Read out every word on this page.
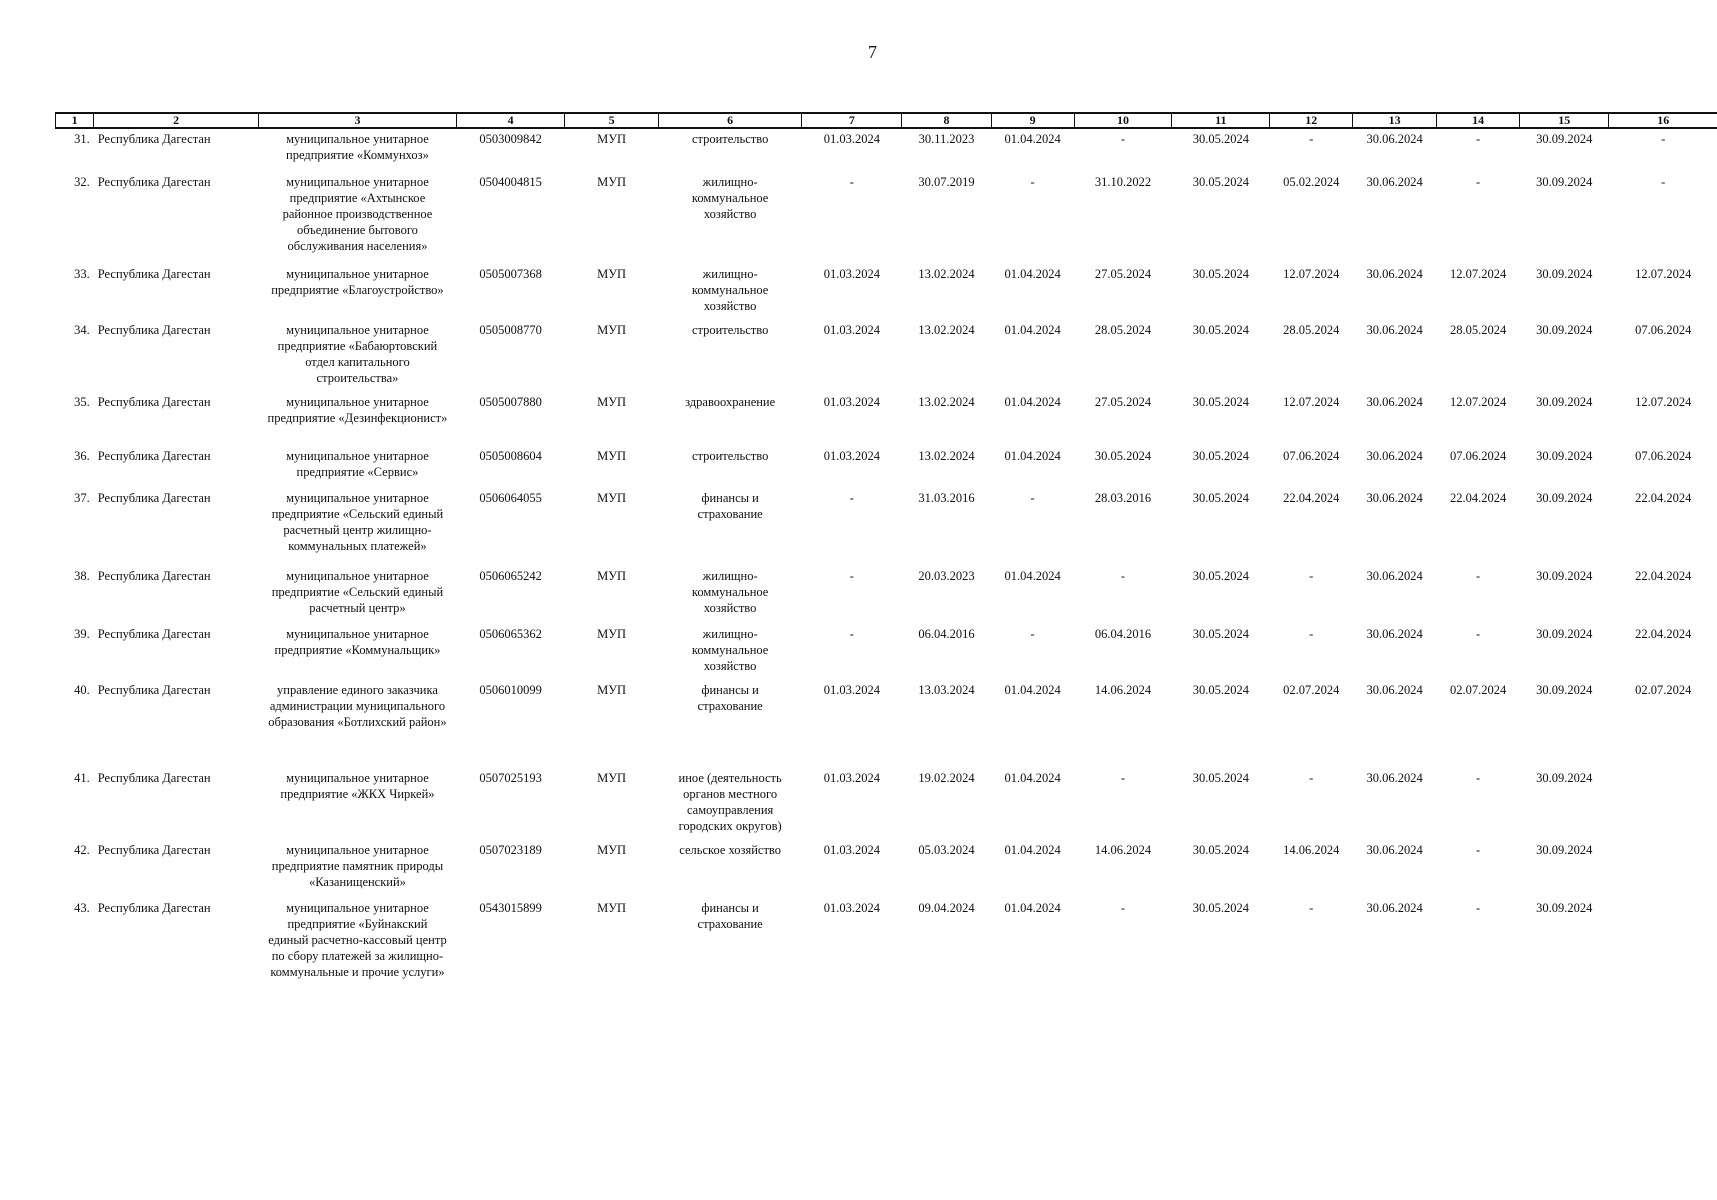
7
1	2	3	4	5	6	7	8	9	10	11	12	13	14	15	16
31.	Республика Дагестан	муниципальное унитарное
предприятие «Коммунхоз»	0503009842	МУП	строительство	01.03.2024	30.11.2023	01.04.2024	-	30.05.2024	-	30.06.2024	-	30.09.2024	-
32.	Республика Дагестан	муниципальное унитарное
предприятие «Ахтынское
районное производственное
объединение бытового
обслуживания населения»	0504004815	МУП	жилищно-
коммунальное
хозяйство	-	30.07.2019	-	31.10.2022	30.05.2024	05.02.2024	30.06.2024	-	30.09.2024	-
33.	Республика Дагестан	муниципальное унитарное
предприятие «Благоустройство»	0505007368	МУП	жилищно-
коммунальное
хозяйство	01.03.2024	13.02.2024	01.04.2024	27.05.2024	30.05.2024	12.07.2024	30.06.2024	12.07.2024	30.09.2024	12.07.2024
34.	Республика Дагестан	муниципальное унитарное
предприятие «Бабаюртовский
отдел капитального
строительства»	0505008770	МУП	строительство	01.03.2024	13.02.2024	01.04.2024	28.05.2024	30.05.2024	28.05.2024	30.06.2024	28.05.2024	30.09.2024	07.06.2024
35.	Республика Дагестан	муниципальное унитарное
предприятие «Дезинфекционист»	0505007880	МУП	здравоохранение	01.03.2024	13.02.2024	01.04.2024	27.05.2024	30.05.2024	12.07.2024	30.06.2024	12.07.2024	30.09.2024	12.07.2024
36.	Республика Дагестан	муниципальное унитарное
предприятие «Сервис»	0505008604	МУП	строительство	01.03.2024	13.02.2024	01.04.2024	30.05.2024	30.05.2024	07.06.2024	30.06.2024	07.06.2024	30.09.2024	07.06.2024
37.	Республика Дагестан	муниципальное унитарное
предприятие «Сельский единый
расчетный центр жилищно-
коммунальных платежей»	0506064055	МУП	финансы и
страхование	-	31.03.2016	-	28.03.2016	30.05.2024	22.04.2024	30.06.2024	22.04.2024	30.09.2024	22.04.2024
38.	Республика Дагестан	муниципальное унитарное
предприятие «Сельский единый
расчетный центр»	0506065242	МУП	жилищно-
коммунальное
хозяйство	-	20.03.2023	01.04.2024	-	30.05.2024	-	30.06.2024	-	30.09.2024	22.04.2024
39.	Республика Дагестан	муниципальное унитарное
предприятие «Коммунальщик»	0506065362	МУП	жилищно-
коммунальное
хозяйство	-	06.04.2016	-	06.04.2016	30.05.2024	-	30.06.2024	-	30.09.2024	22.04.2024
40.	Республика Дагестан	управление единого заказчика
администрации муниципального
образования «Ботлихский район»	0506010099	МУП	финансы и
страхование	01.03.2024	13.03.2024	01.04.2024	14.06.2024	30.05.2024	02.07.2024	30.06.2024	02.07.2024	30.09.2024	02.07.2024
41.	Республика Дагестан	муниципальное унитарное
предприятие «ЖКХ Чиркей»	0507025193	МУП	иное (деятельность
органов местного
самоуправления
городских округов)	01.03.2024	19.02.2024	01.04.2024	-	30.05.2024	-	30.06.2024	-	30.09.2024	
42.	Республика Дагестан	муниципальное унитарное
предприятие памятник природы
«Казанищенский»	0507023189	МУП	сельское хозяйство	01.03.2024	05.03.2024	01.04.2024	14.06.2024	30.05.2024	14.06.2024	30.06.2024	-	30.09.2024	
43.	Республика Дагестан	муниципальное унитарное
предприятие «Буйнакский
единый расчетно-кассовый центр
по сбору платежей за жилищно-
коммунальные и прочие услуги»	0543015899	МУП	финансы и
страхование	01.03.2024	09.04.2024	01.04.2024	-	30.05.2024	-	30.06.2024	-	30.09.2024	
